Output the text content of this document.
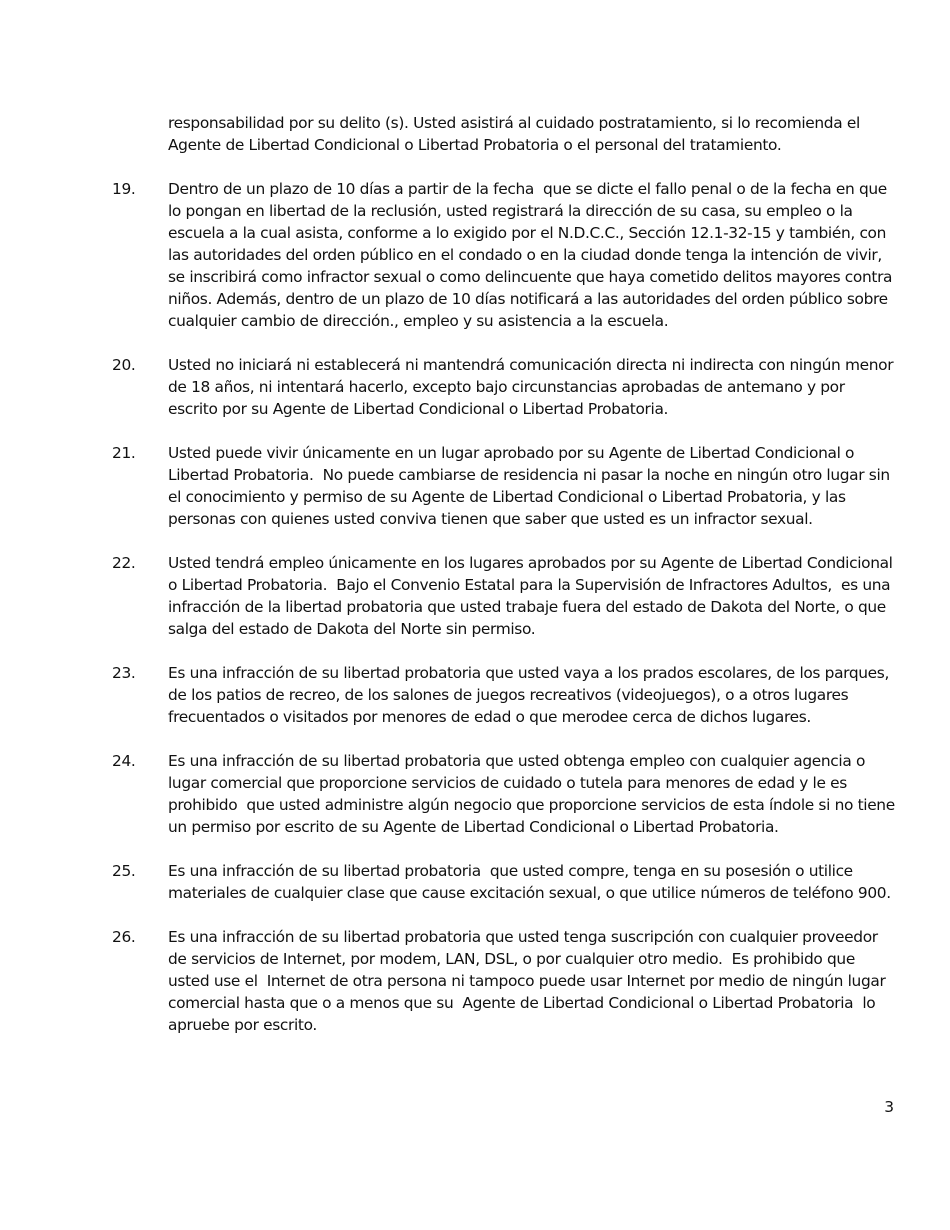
responsabilidad por su delito (s). Usted asistirá al cuidado postratamiento, si lo recomienda el Agente de Libertad Condicional o Libertad Probatoria o el personal del tratamiento.
19.	Dentro de un plazo de 10 días a partir de la fecha  que se dicte el fallo penal o de la fecha en que lo pongan en libertad de la reclusión, usted registrará la dirección de su casa, su empleo o la escuela a la cual asista, conforme a lo exigido por el N.D.C.C., Sección 12.1-32-15 y también, con las autoridades del orden público en el condado o en la ciudad donde tenga la intención de vivir, se inscribirá como infractor sexual o como delincuente que haya cometido delitos mayores contra  niños. Además, dentro de un plazo de 10 días notificará a las autoridades del orden público sobre cualquier cambio de dirección., empleo y su asistencia a la escuela.
20.	Usted no iniciará ni establecerá ni mantendrá comunicación directa ni indirecta con ningún menor de 18 años, ni intentará hacerlo, excepto bajo circunstancias aprobadas de antemano y por escrito por su Agente de Libertad Condicional o Libertad Probatoria.
21.	Usted puede vivir únicamente en un lugar aprobado por su Agente de Libertad Condicional o Libertad Probatoria.  No puede cambiarse de residencia ni pasar la noche en ningún otro lugar sin el conocimiento y permiso de su Agente de Libertad Condicional o Libertad Probatoria, y las personas con quienes usted conviva tienen que saber que usted es un infractor sexual.
22.	Usted tendrá empleo únicamente en los lugares aprobados por su Agente de Libertad Condicional o Libertad Probatoria.  Bajo el Convenio Estatal para la Supervisión de Infractores Adultos,  es una infracción de la libertad probatoria que usted trabaje fuera del estado de Dakota del Norte, o que salga del estado de Dakota del Norte sin permiso.
23.	Es una infracción de su libertad probatoria que usted vaya a los prados escolares, de los parques, de los patios de recreo, de los salones de juegos recreativos (videojuegos), o a otros lugares frecuentados o visitados por menores de edad o que merodee cerca de dichos lugares.
24.	Es una infracción de su libertad probatoria que usted obtenga empleo con cualquier agencia o lugar comercial que proporcione servicios de cuidado o tutela para menores de edad y le es prohibido  que usted administre algún negocio que proporcione servicios de esta índole si no tiene un permiso por escrito de su Agente de Libertad Condicional o Libertad Probatoria.
25.	Es una infracción de su libertad probatoria  que usted compre, tenga en su posesión o utilice materiales de cualquier clase que cause excitación sexual, o que utilice números de teléfono 900.
26.	Es una infracción de su libertad probatoria que usted tenga suscripción con cualquier proveedor de servicios de Internet, por modem, LAN, DSL, o por cualquier otro medio.  Es prohibido que usted use el  Internet de otra persona ni tampoco puede usar Internet por medio de ningún lugar comercial hasta que o a menos que su  Agente de Libertad Condicional o Libertad Probatoria  lo apruebe por escrito.
3
